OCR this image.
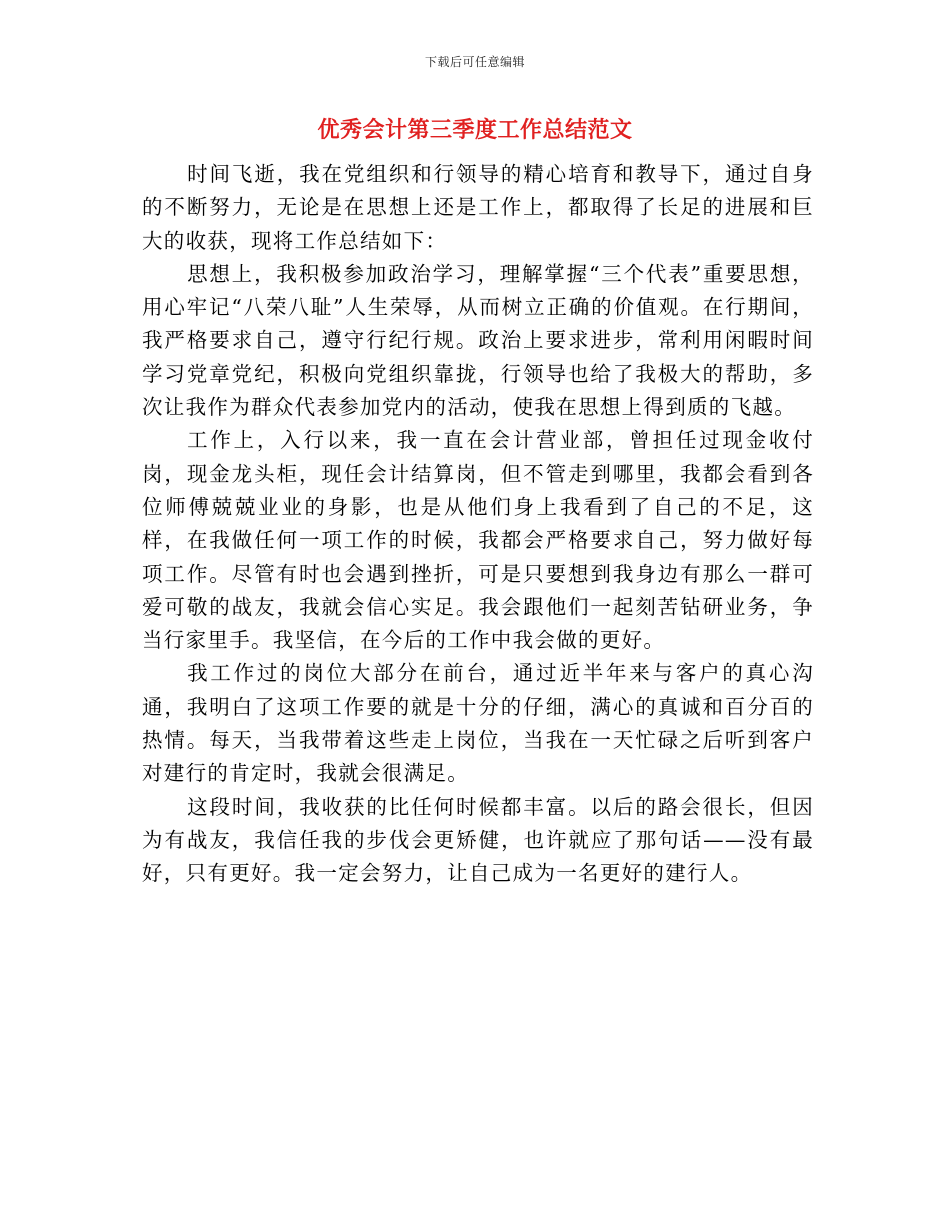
下载后可任意编辑
优秀会计第三季度工作总结范文

时间飞逝，我在党组织和行领导的精心培育和教导下，通过自身的不断努力，无论是在思想上还是工作上，都取得了长足的进展和巨大的收获，现将工作总结如下：

思想上，我积极参加政治学习，理解掌握“三个代表”重要思想，用心牢记“八荣八耻”人生荣辱，从而树立正确的价值观。在行期间，我严格要求自己，遵守行纪行规。政治上要求进步，常利用闲暇时间学习党章党纪，积极向党组织靠拢，行领导也给了我极大的帮助，多次让我作为群众代表参加党内的活动，使我在思想上得到质的飞越。

工作上，入行以来，我一直在会计营业部，曾担任过现金收付岗，现金龙头柜，现任会计结算岗，但不管走到哪里，我都会看到各位师傅兢兢业业的身影，也是从他们身上我看到了自己的不足，这样，在我做任何一项工作的时候，我都会严格要求自己，努力做好每项工作。尽管有时也会遇到挫折，可是只要想到我身边有那么一群可爱可敬的战友，我就会信心实足。我会跟他们一起刻苦钻研业务，争当行家里手。我坚信，在今后的工作中我会做的更好。

我工作过的岗位大部分在前台，通过近半年来与客户的真心沟通，我明白了这项工作要的就是十分的仔细，满心的真诚和百分百的热情。每天，当我带着这些走上岗位，当我在一天忙碌之后听到客户对建行的肯定时，我就会很满足。

这段时间，我收获的比任何时候都丰富。以后的路会很长，但因为有战友，我信任我的步伐会更矫健，也许就应了那句话——没有最好，只有更好。我一定会努力，让自己成为一名更好的建行人。
